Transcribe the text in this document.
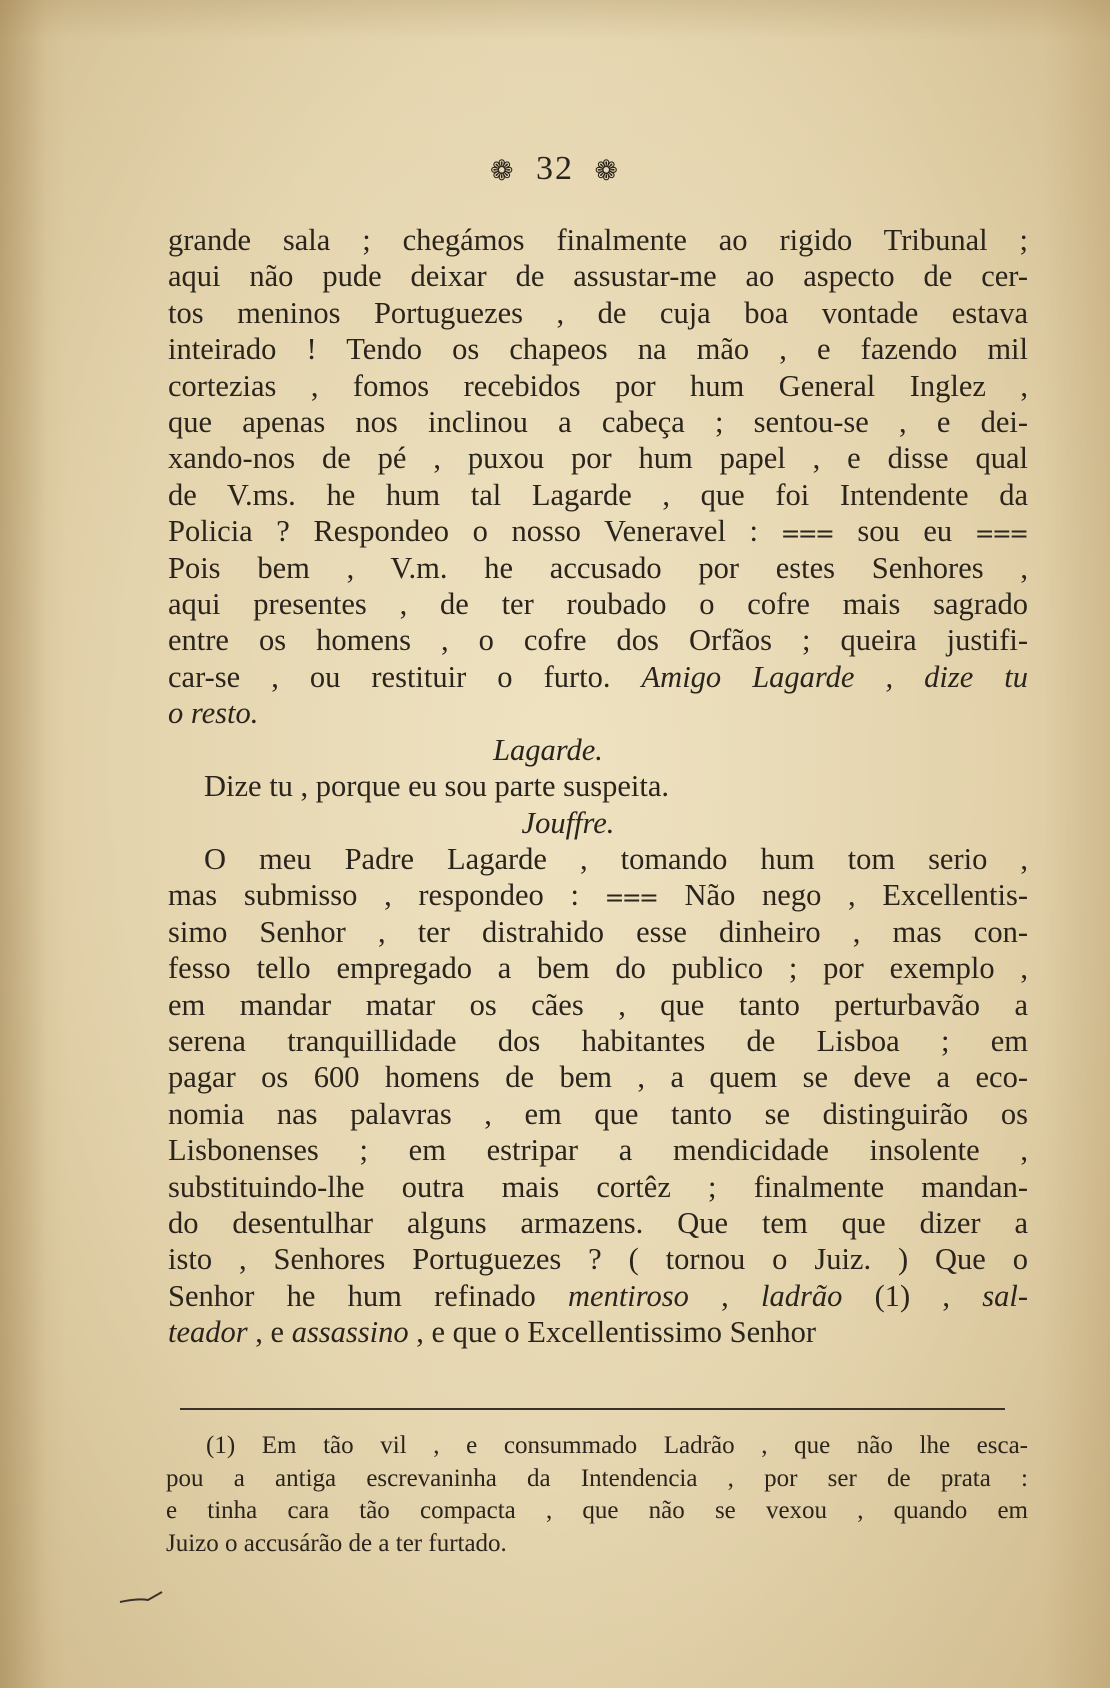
❁ 32 ❁
grande sala ; chegámos finalmente ao rigido Tribunal ;
aqui não pude deixar de assustar-me ao aspecto de cer-
tos meninos Portuguezes , de cuja boa vontade estava
inteirado ! Tendo os chapeos na mão , e fazendo mil
cortezias , fomos recebidos por hum General Inglez ,
que apenas nos inclinou a cabeça ; sentou-se , e dei-
xando-nos de pé , puxou por hum papel , e disse qual
de V.ms. he hum tal Lagarde , que foi Intendente da
Policia ? Respondeo o nosso Veneravel : ⩶ sou eu ⩶
Pois bem , V.m. he accusado por estes Senhores ,
aqui presentes , de ter roubado o cofre mais sagrado
entre os homens , o cofre dos Orfãos ; queira justifi-
car-se , ou restituir o furto. Amigo Lagarde , dize tu
o resto.
Lagarde.
Dize tu , porque eu sou parte suspeita.
Jouffre.
O meu Padre Lagarde , tomando hum tom serio ,
mas submisso , respondeo : ⩶ Não nego , Excellentis-
simo Senhor , ter distrahido esse dinheiro , mas con-
fesso tello empregado a bem do publico ; por exemplo ,
em mandar matar os cães , que tanto perturbavão a
serena tranquillidade dos habitantes de Lisboa ; em
pagar os 600 homens de bem , a quem se deve a eco-
nomia nas palavras , em que tanto se distinguirão os
Lisbonenses ; em estripar a mendicidade insolente ,
substituindo-lhe outra mais cortêz ; finalmente mandan-
do desentulhar alguns armazens. Que tem que dizer a
isto , Senhores Portuguezes ? ( tornou o Juiz. ) Que o
Senhor he hum refinado mentiroso , ladrão (1) , sal-
teador , e assassino , e que o Excellentissimo Senhor
(1) Em tão vil , e consummado Ladrão , que não lhe esca-
pou a antiga escrevaninha da Intendencia , por ser de prata :
e tinha cara tão compacta , que não se vexou , quando em
Juizo o accusárão de a ter furtado.
